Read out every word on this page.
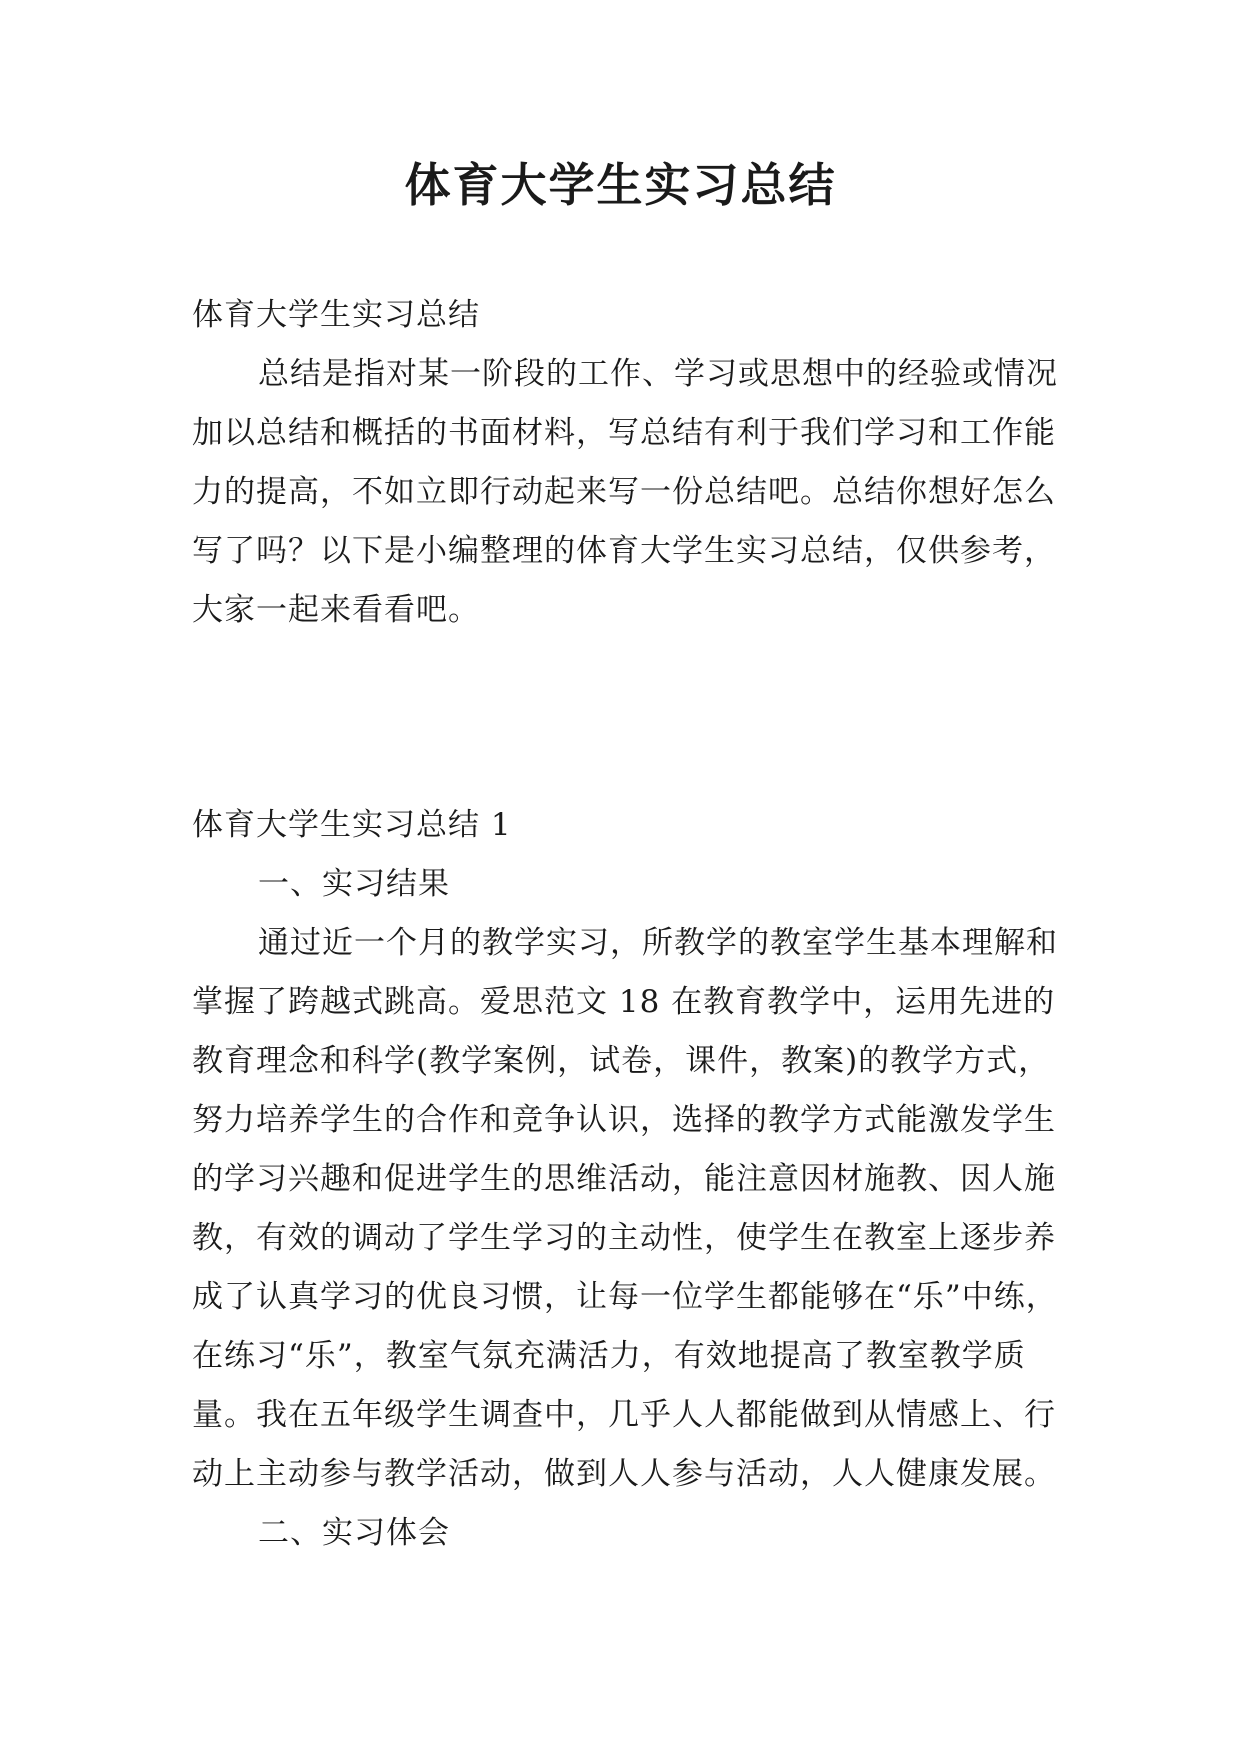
体育大学生实习总结

体育大学生实习总结

总结是指对某一阶段的工作、学习或思想中的经验或情况加以总结和概括的书面材料，写总结有利于我们学习和工作能力的提高，不如立即行动起来写一份总结吧。总结你想好怎么写了吗？以下是小编整理的体育大学生实习总结，仅供参考，大家一起来看看吧。

体育大学生实习总结 1

一、实习结果

通过近一个月的教学实习，所教学的教室学生基本理解和掌握了跨越式跳高。爱思范文 18 在教育教学中，运用先进的教育理念和科学(教学案例，试卷，课件，教案)的教学方式，努力培养学生的合作和竞争认识，选择的教学方式能激发学生的学习兴趣和促进学生的思维活动，能注意因材施教、因人施教，有效的调动了学生学习的主动性，使学生在教室上逐步养成了认真学习的优良习惯，让每一位学生都能够在“乐”中练，在练习“乐”，教室气氛充满活力，有效地提高了教室教学质量。我在五年级学生调查中，几乎人人都能做到从情感上、行动上主动参与教学活动，做到人人参与活动，人人健康发展。

二、实习体会
